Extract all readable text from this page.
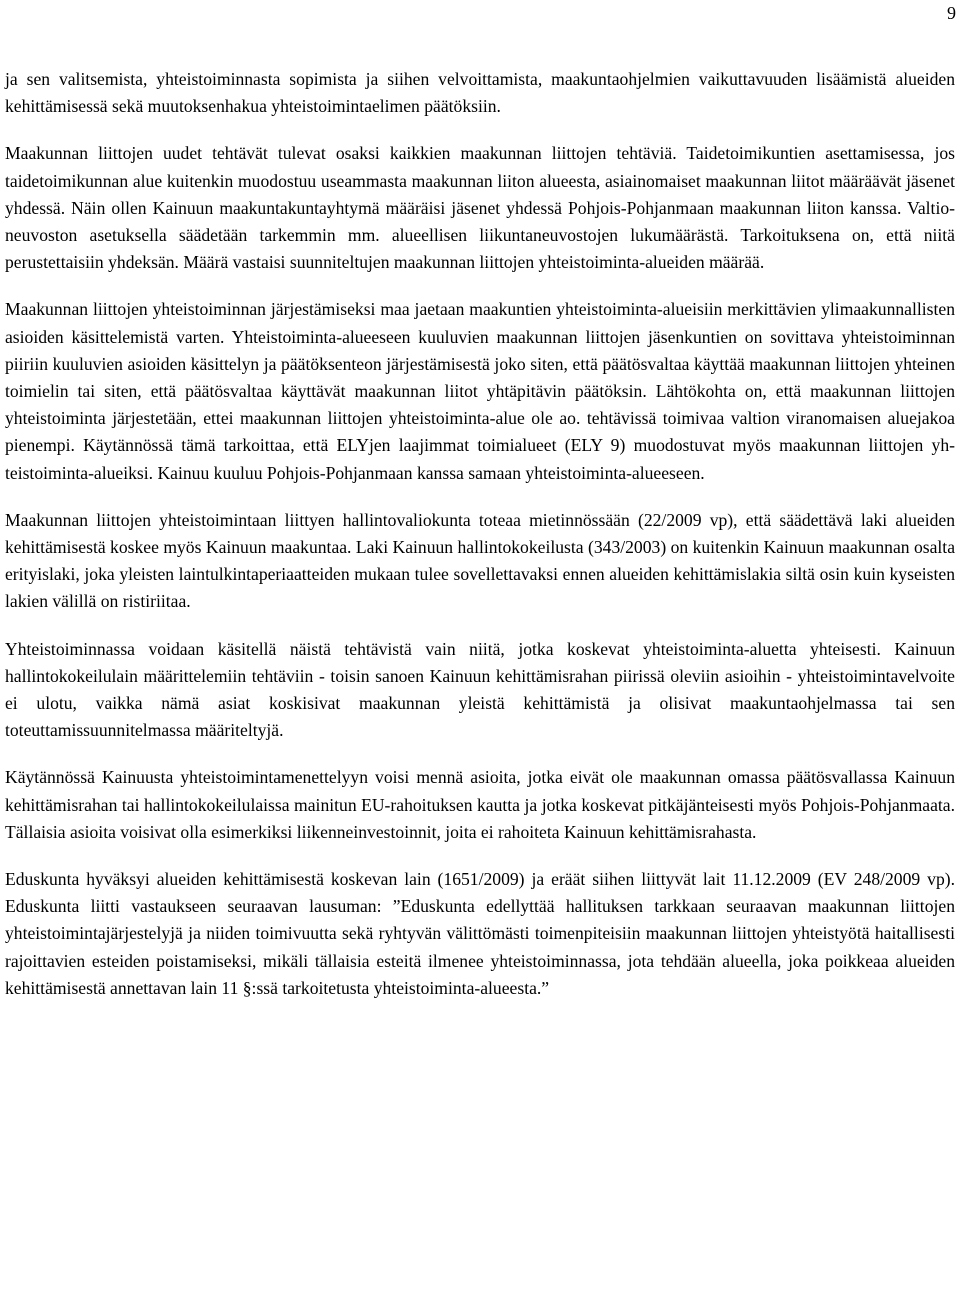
9

ja sen valitsemista, yhteistoiminnasta sopimista ja siihen velvoittamista, maakuntaohjelmien vaikuttavuuden lisäämistä alueiden kehittämisessä sekä muutoksenhakua yhteistoimintaelimen päätöksiin.

Maakunnan liittojen uudet tehtävät tulevat osaksi kaikkien maakunnan liittojen tehtäviä. Taidetoimikuntien asettamisessa, jos taidetoimikunnan alue kuitenkin muodostuu useammasta maakunnan liiton alueesta, asiainomaiset maakunnan liitot määräävät jäsenet yhdessä. Näin ollen Kainuun maakuntakuntayhtymä määräisi jäsenet yhdessä Pohjois-Pohjanmaan maakunnan liiton kanssa. Valtioneuvoston asetuksella säädetään tarkemmin mm. alueellisen liikuntaneuvostojen lukumäärästä. Tarkoituksena on, että niitä perustettaisiin yhdeksän. Määrä vastaisi suunniteltujen maakunnan liittojen yhteistoiminta-alueiden määrää.

Maakunnan liittojen yhteistoiminnan järjestämiseksi maa jaetaan maakuntien yhteistoiminta-alueisiin merkittävien ylimaakunnallisten asioiden käsittelemistä varten. Yhteistoiminta-alueeseen kuuluvien maakunnan liittojen jäsenkuntien on sovittava yhteistoiminnan piiriin kuuluvien asioiden käsittelyn ja päätöksenteon järjestämisestä joko siten, että päätösvaltaa käyttää maakunnan liittojen yhteinen toimielin tai siten, että päätösvaltaa käyttävät maakunnan liitot yhtäpitävin päätöksin. Lähtökohta on, että maakunnan liittojen yhteistoiminta järjestetään, ettei maakunnan liittojen yhteistoiminta-alue ole ao. tehtävissä toimivaa valtion viranomaisen aluejakoa pienempi. Käytännössä tämä tarkoittaa, että ELYjen laajimmat toimialueet (ELY 9) muodostuvat myös maakunnan liittojen yhteistoiminta-alueiksi. Kainuu kuuluu Pohjois-Pohjanmaan kanssa samaan yhteistoiminta-alueeseen.

Maakunnan liittojen yhteistoimintaan liittyen hallintovaliokunta toteaa mietinnössään (22/2009 vp), että säädettävä laki alueiden kehittämisestä koskee myös Kainuun maakuntaa. Laki Kainuun hallintokokeilusta (343/2003) on kuitenkin Kainuun maakunnan osalta erityislaki, joka yleisten laintulkintaperiaatteiden mukaan tulee sovellettavaksi ennen alueiden kehittämislakia siltä osin kuin kyseisten lakien välillä on ristiriitaa.

Yhteistoiminnassa voidaan käsitellä näistä tehtävistä vain niitä, jotka koskevat yhteistoiminta-aluetta yhteisesti. Kainuun hallintokokeilulain määrittelemiin tehtäviin - toisin sanoen Kainuun kehittämisrahan piirissä oleviin asioihin - yhteistoimintavelvoite ei ulotu, vaikka nämä asiat koskisivat maakunnan yleistä kehittämistä ja olisivat maakuntaohjelmassa tai sen toteuttamissuunnitelmassa määriteltyjä.

Käytännössä Kainuusta yhteistoimintamenettelyyn voisi mennä asioita, jotka eivät ole maakunnan omassa päätösvallassa Kainuun kehittämisrahan tai hallintokokeilulaissa mainitun EU-rahoituksen kautta ja jotka koskevat pitkäjänteisesti myös Pohjois-Pohjanmaata. Tällaisia asioita voisivat olla esimerkiksi liikenneinvestoinnit, joita ei rahoiteta Kainuun kehittämisrahasta.

Eduskunta hyväksyi alueiden kehittämisestä koskevan lain (1651/2009) ja eräät siihen liittyvät lait 11.12.2009 (EV 248/2009 vp). Eduskunta liitti vastaukseen seuraavan lausuman: ”Eduskunta edellyttää hallituksen tarkkaan seuraavan maakunnan liittojen yhteistoimintajärjestelyjä ja niiden toimivuutta sekä ryhtyvän välittömästi toimenpiteisiin maakunnan liittojen yhteistyötä haitallisesti rajoittavien esteiden poistamiseksi, mikäli tällaisia esteitä ilmenee yhteistoiminnassa, jota tehdään alueella, joka poikkeaa alueiden kehittämisestä annettavan lain 11 §:ssä tarkoitetusta yhteistoiminta-alueesta.”
